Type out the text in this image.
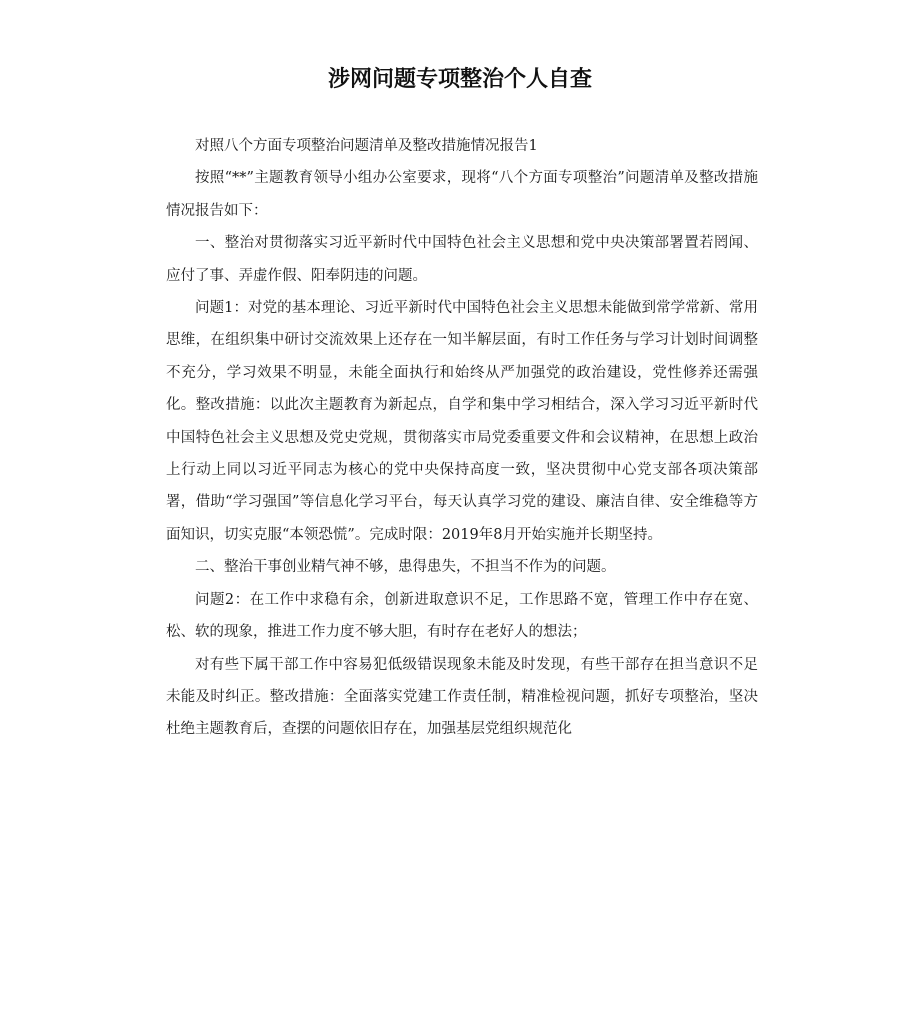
涉网问题专项整治个人自查

对照八个方面专项整治问题清单及整改措施情况报告1

按照“**”主题教育领导小组办公室要求，现将“八个方面专项整治”问题清单及整改措施情况报告如下：

一、整治对贯彻落实习近平新时代中国特色社会主义思想和党中央决策部署置若罔闻、应付了事、弄虚作假、阳奉阴违的问题。

问题1：对党的基本理论、习近平新时代中国特色社会主义思想未能做到常学常新、常用思维，在组织集中研讨交流效果上还存在一知半解层面，有时工作任务与学习计划时间调整不充分，学习效果不明显，未能全面执行和始终从严加强党的政治建设，党性修养还需强化。整改措施：以此次主题教育为新起点，自学和集中学习相结合，深入学习习近平新时代中国特色社会主义思想及党史党规，贯彻落实市局党委重要文件和会议精神，在思想上政治上行动上同以习近平同志为核心的党中央保持高度一致，坚决贯彻中心党支部各项决策部署，借助“学习强国”等信息化学习平台，每天认真学习党的建设、廉洁自律、安全维稳等方面知识，切实克服“本领恐慌”。完成时限：2019年8月开始实施并长期坚持。

二、整治干事创业精气神不够，患得患失，不担当不作为的问题。

问题2：在工作中求稳有余，创新进取意识不足，工作思路不宽，管理工作中存在宽、松、软的现象，推进工作力度不够大胆，有时存在老好人的想法；

对有些下属干部工作中容易犯低级错误现象未能及时发现，有些干部存在担当意识不足未能及时纠正。整改措施：全面落实党建工作责任制，精准检视问题，抓好专项整治，坚决杜绝主题教育后，查摆的问题依旧存在，加强基层党组织规范化
